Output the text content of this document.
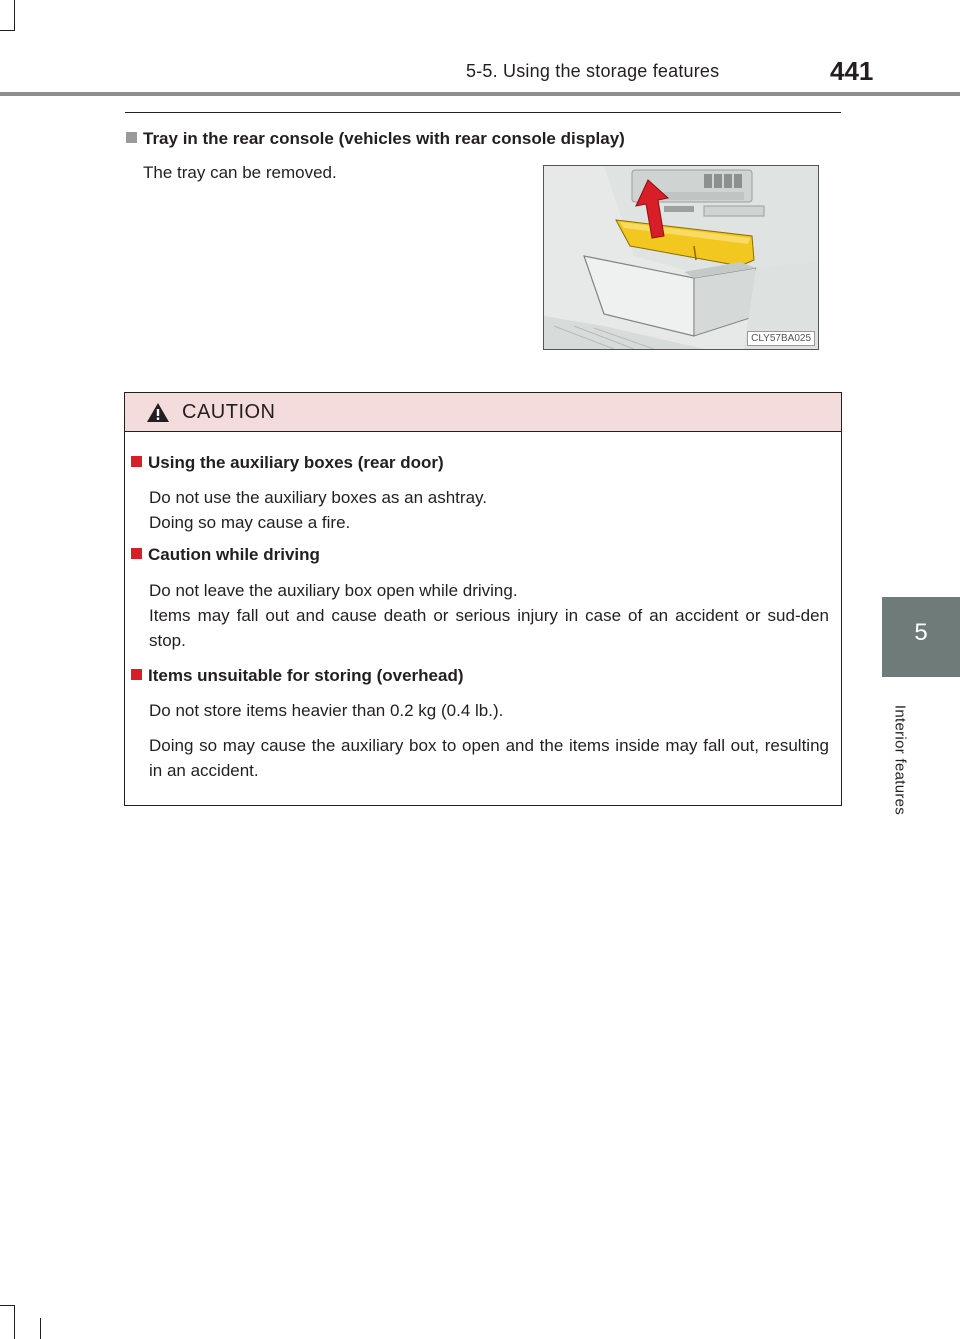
5-5. Using the storage features	441
5
Interior features
Tray in the rear console (vehicles with rear console display)
The tray can be removed.
CLY57BA025
CAUTION
Using the auxiliary boxes (rear door)
Do not use the auxiliary boxes as an ashtray.
Doing so may cause a fire.
Caution while driving
Do not leave the auxiliary box open while driving.
Items may fall out and cause death or serious injury in case of an accident or sud-den stop.
Items unsuitable for storing (overhead)
Do not store items heavier than 0.2 kg (0.4 lb.).
Doing so may cause the auxiliary box to open and the items inside may fall out, resulting in an accident.
